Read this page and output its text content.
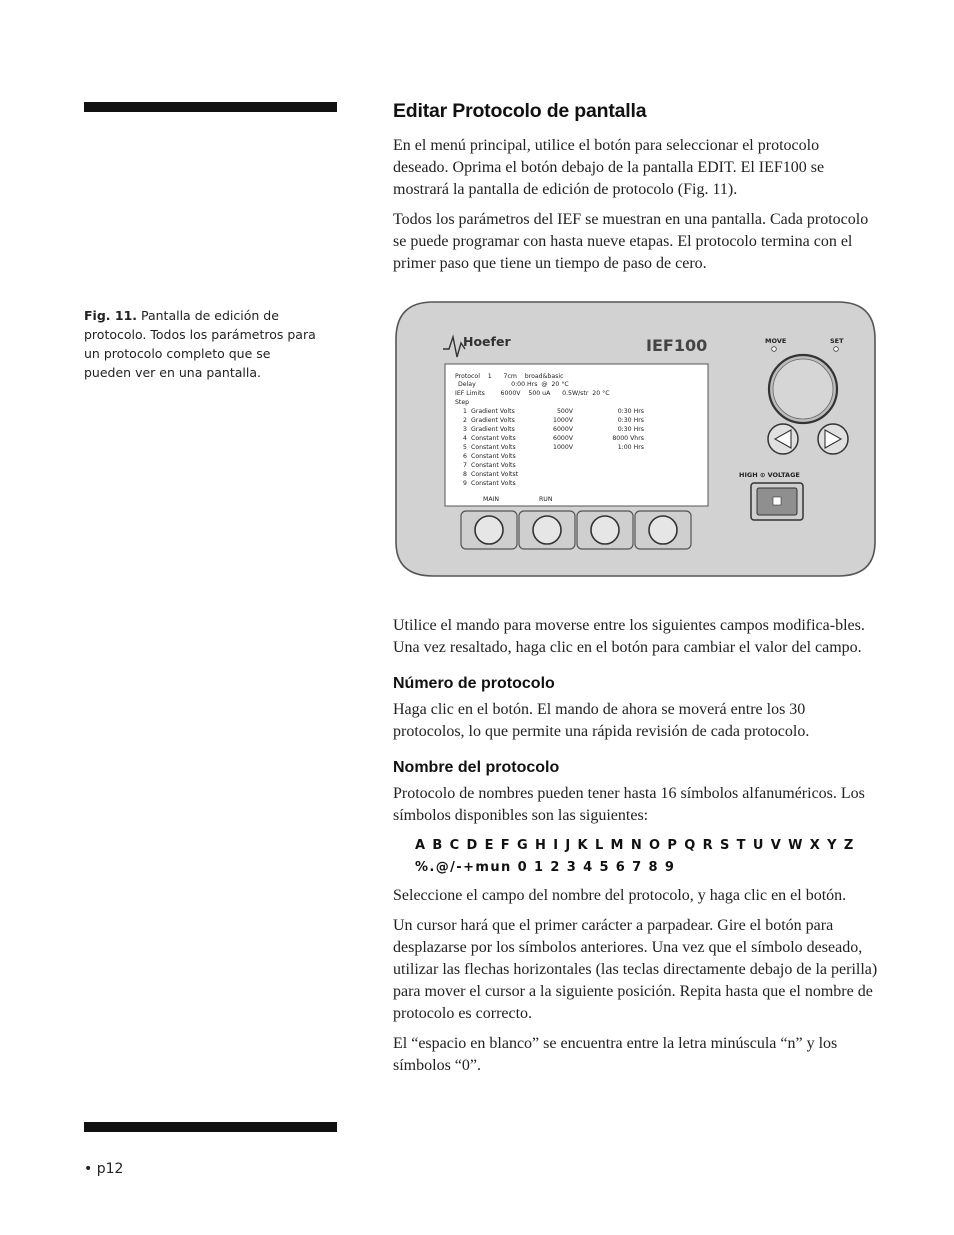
Fig. 11. Pantalla de edición de protocolo. Todos los parámetros para un protocolo completo que se pueden ver en una pantalla.
Editar Protocolo de pantalla

En el menú principal, utilice el botón para seleccionar el protocolo deseado. Oprima el botón debajo de la pantalla EDIT. El IEF100 se mostrará la pantalla de edición de protocolo (Fig. 11).

Todos los parámetros del IEF se muestran en una pantalla. Cada protocolo se puede programar con hasta nueve etapas. El protocolo termina con el primer paso que tiene un tiempo de paso de cero.

Hoefer	IEF100
Protocol    1      7cm    broad&basic
Delay                  0:00 Hrs  @  20 °C
IEF Limits        6000V    500 uA      0.5W/str  20 °C
Step
1 Gradient Volts	500V	0:30 Hrs
2 Gradient Volts	1000V	0:30 Hrs
3 Gradient Volts	6000V	0:30 Hrs
4 Constant Volts	6000V	8000 Vhrs
5 Constant Volts	1000V	1:00 Hrs
6 Constant Volts
7 Constant Volts
8 Constant Voltst
9 Constant Volts
MAIN	RUN
MOVE	SET
HIGH ⊙ VOLTAGE

Utilice el mando para moverse entre los siguientes campos modifica-bles. Una vez resaltado, haga clic en el botón para cambiar el valor del campo.

Número de protocolo

Haga clic en el botón. El mando de ahora se moverá entre los 30 protocolos, lo que permite una rápida revisión de cada protocolo.

Nombre del protocolo

Protocolo de nombres pueden tener hasta 16 símbolos alfanuméricos. Los símbolos disponibles son las siguientes:

A B C D E F G H I J K L M N O P Q R S T U V W X Y Z
%.@/-+mun 0 1 2 3 4 5 6 7 8 9

Seleccione el campo del nombre del protocolo, y haga clic en el botón.

Un cursor hará que el primer carácter a parpadear. Gire el botón para desplazarse por los símbolos anteriores. Una vez que el símbolo deseado, utilizar las flechas horizontales (las teclas directamente debajo de la perilla) para mover el cursor a la siguiente posición. Repita hasta que el nombre de protocolo es correcto.

El “espacio en blanco” se encuentra entre la letra minúscula “n” y los símbolos “0”.

• p12
